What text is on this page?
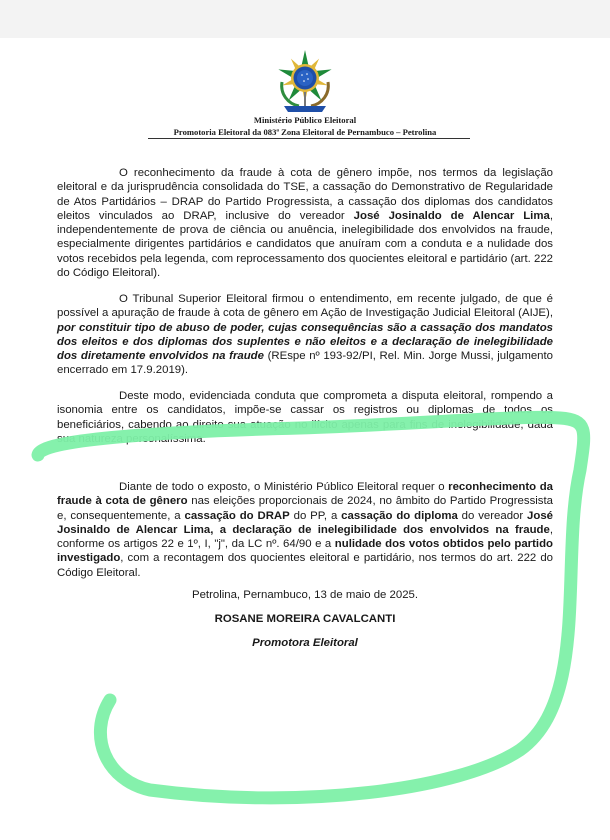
Ministério Público Eleitoral
Promotoria Eleitoral da 083ª Zona Eleitoral de Pernambuco – Petrolina

O reconhecimento da fraude à cota de gênero impõe, nos termos da legislação eleitoral e da jurisprudência consolidada do TSE, a cassação do Demonstrativo de Regularidade de Atos Partidários – DRAP do Partido Progressista, a cassação dos diplomas dos candidatos eleitos vinculados ao DRAP, inclusive do vereador José Josinaldo de Alencar Lima, independentemente de prova de ciência ou anuência, inelegibilidade dos envolvidos na fraude, especialmente dirigentes partidários e candidatos que anuíram com a conduta e a nulidade dos votos recebidos pela legenda, com reprocessamento dos quocientes eleitoral e partidário (art. 222 do Código Eleitoral).

O Tribunal Superior Eleitoral firmou o entendimento, em recente julgado, de que é possível a apuração de fraude à cota de gênero em Ação de Investigação Judicial Eleitoral (AIJE), por constituir tipo de abuso de poder, cujas consequências são a cassação dos mandatos dos eleitos e dos diplomas dos suplentes e não eleitos e a declaração de inelegibilidade dos diretamente envolvidos na fraude (REspe nº 193-92/PI, Rel. Min. Jorge Mussi, julgamento encerrado em 17.9.2019).

Deste modo, evidenciada conduta que comprometa a disputa eleitoral, rompendo a isonomia entre os candidatos, impõe-se cassar os registros ou diplomas de todos os beneficiários, cabendo ao direito sua atuação no ilícito apenas para fins de inelegibilidade, dada sua natureza personalíssima.

Diante de todo o exposto, o Ministério Público Eleitoral requer o reconhecimento da fraude à cota de gênero nas eleições proporcionais de 2024, no âmbito do Partido Progressista e, consequentemente, a cassação do DRAP do PP, a cassação do diploma do vereador José Josinaldo de Alencar Lima, a declaração de inelegibilidade dos envolvidos na fraude, conforme os artigos 22 e 1º, I, "j", da LC nº. 64/90 e a nulidade dos votos obtidos pelo partido investigado, com a recontagem dos quocientes eleitoral e partidário, nos termos do art. 222 do Código Eleitoral.

Petrolina, Pernambuco, 13 de maio de 2025.
ROSANE MOREIRA CAVALCANTI
Promotora Eleitoral
